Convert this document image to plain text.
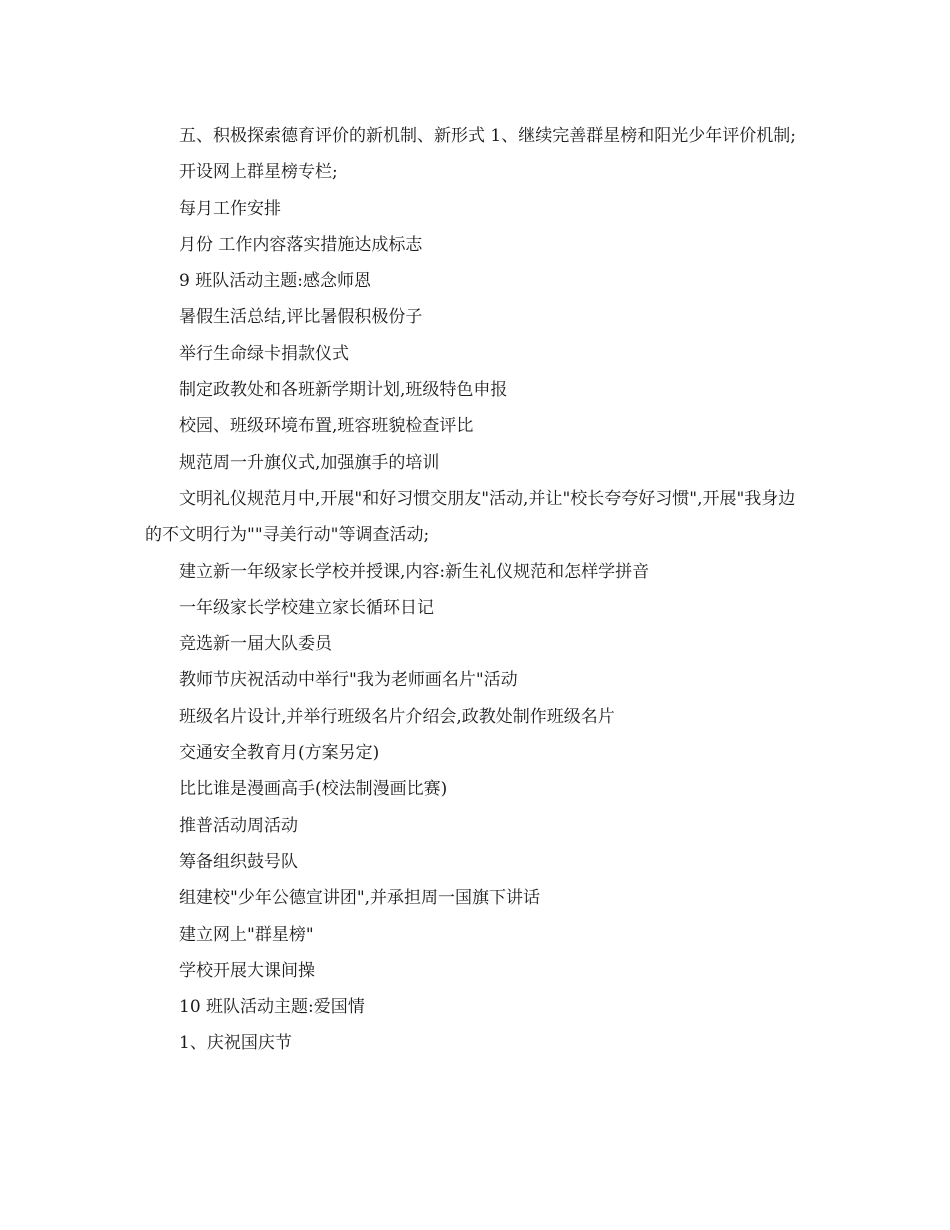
五、积极探索德育评价的新机制、新形式 1、继续完善群星榜和阳光少年评价机制;

开设网上群星榜专栏;

每月工作安排

月份 工作内容落实措施达成标志

9 班队活动主题:感念师恩

暑假生活总结,评比暑假积极份子

举行生命绿卡捐款仪式

制定政教处和各班新学期计划,班级特色申报

校园、班级环境布置,班容班貌检查评比

规范周一升旗仪式,加强旗手的培训

文明礼仪规范月中,开展"和好习惯交朋友"活动,并让"校长夸夸好习惯",开展"我身边的不文明行为""寻美行动"等调查活动;

建立新一年级家长学校并授课,内容:新生礼仪规范和怎样学拼音

一年级家长学校建立家长循环日记

竞选新一届大队委员

教师节庆祝活动中举行"我为老师画名片"活动

班级名片设计,并举行班级名片介绍会,政教处制作班级名片

交通安全教育月(方案另定)

比比谁是漫画高手(校法制漫画比赛)

推普活动周活动

筹备组织鼓号队

组建校"少年公德宣讲团",并承担周一国旗下讲话

建立网上"群星榜"

学校开展大课间操

10 班队活动主题:爱国情

1、庆祝国庆节
